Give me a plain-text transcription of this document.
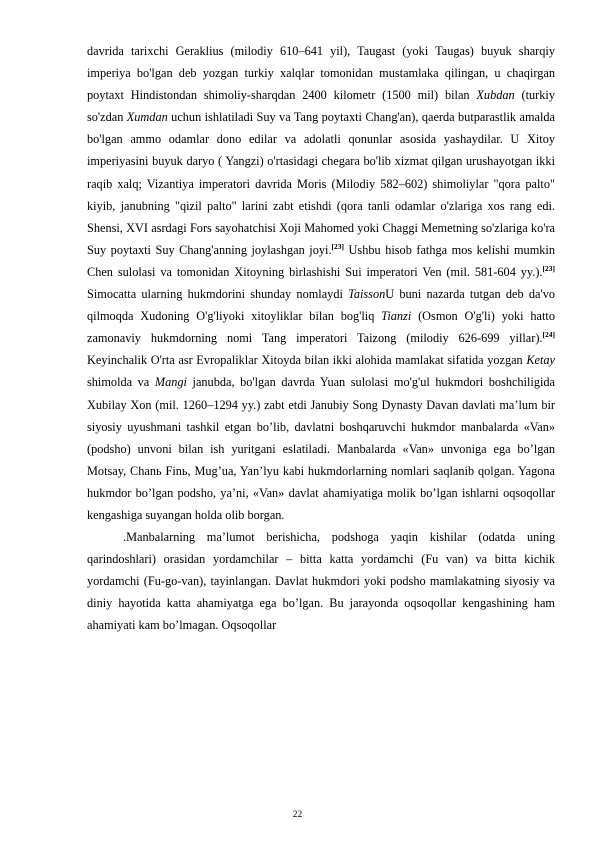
davrida tarixchi Geraklius (milodiy 610–641 yil), Taugast (yoki Taugas) buyuk sharqiy imperiya bo'lgan deb yozgan turkiy xalqlar tomonidan mustamlaka qilingan, u chaqirgan poytaxt Hindistondan shimoliy-sharqdan 2400 kilometr (1500 mil) bilan Xubdan (turkiy so'zdan Xumdan uchun ishlatiladi Suy va Tang poytaxti Chang'an), qaerda butparastlik amalda bo'lgan ammo odamlar dono edilar va adolatli qonunlar asosida yashaydilar. U Xitoy imperiyasini buyuk daryo ( Yangzi) o'rtasidagi chegara bo'lib xizmat qilgan urushayotgan ikki raqib xalq; Vizantiya imperatori davrida Moris (Milodiy 582–602) shimoliylar "qora palto" kiyib, janubning "qizil palto" larini zabt etishdi (qora tanli odamlar o'zlariga xos rang edi. Shensi, XVI asrdagi Fors sayohatchisi Xoji Mahomed yoki Chaggi Memetning so'zlariga ko'ra Suy poytaxti Suy Chang'anning joylashgan joyi.[23] Ushbu hisob fathga mos kelishi mumkin Chen sulolasi va tomonidan Xitoyning birlashishi Sui imperatori Ven (mil. 581-604 yy.).[23] Simocatta ularning hukmdorini shunday nomlaydi TaissonU buni nazarda tutgan deb da'vo qilmoqda Xudoning O'g'liyoki xitoyliklar bilan bog'liq Tianzi (Osmon O'g'li) yoki hatto zamonaviy hukmdorning nomi Tang imperatori Taizong (milodiy 626-699 yillar).[24] Keyinchalik O'rta asr Evropaliklar Xitoyda bilan ikki alohida mamlakat sifatida yozgan Ketay shimolda va Mangi janubda, bo'lgan davrda Yuan sulolasi mo'g'ul hukmdori boshchiligida Xubilay Xon (mil. 1260–1294 yy.) zabt etdi Janubiy Song Dynasty Davan davlati ma’lum bir siyosiy uyushmani tashkil etgan bo’lib, davlatni boshqaruvchi hukmdor manbalarda «Van» (podsho) unvoni bilan ish yuritgani eslatiladi. Manbalarda «Van» unvoniga ega bo’lgan Motsay, Chanь Finь, Mug’ua, Yan’lyu kabi hukmdorlarning nomlari saqlanib qolgan. Yagona hukmdor bo’lgan podsho, ya’ni, «Van» davlat ahamiyatiga molik bo’lgan ishlarni oqsoqollar kengashiga suyangan holda olib borgan.

.Manbalarning ma’lumot berishicha, podshoga yaqin kishilar (odatda uning qarindoshlari) orasidan yordamchilar – bitta katta yordamchi (Fu van) va bitta kichik yordamchi (Fu-go-van), tayinlangan. Davlat hukmdori yoki podsho mamlakatning siyosiy va diniy hayotida katta ahamiyatga ega bo’lgan. Bu jarayonda oqsoqollar kengashining ham ahamiyati kam bo’lmagan. Oqsoqollar

22
